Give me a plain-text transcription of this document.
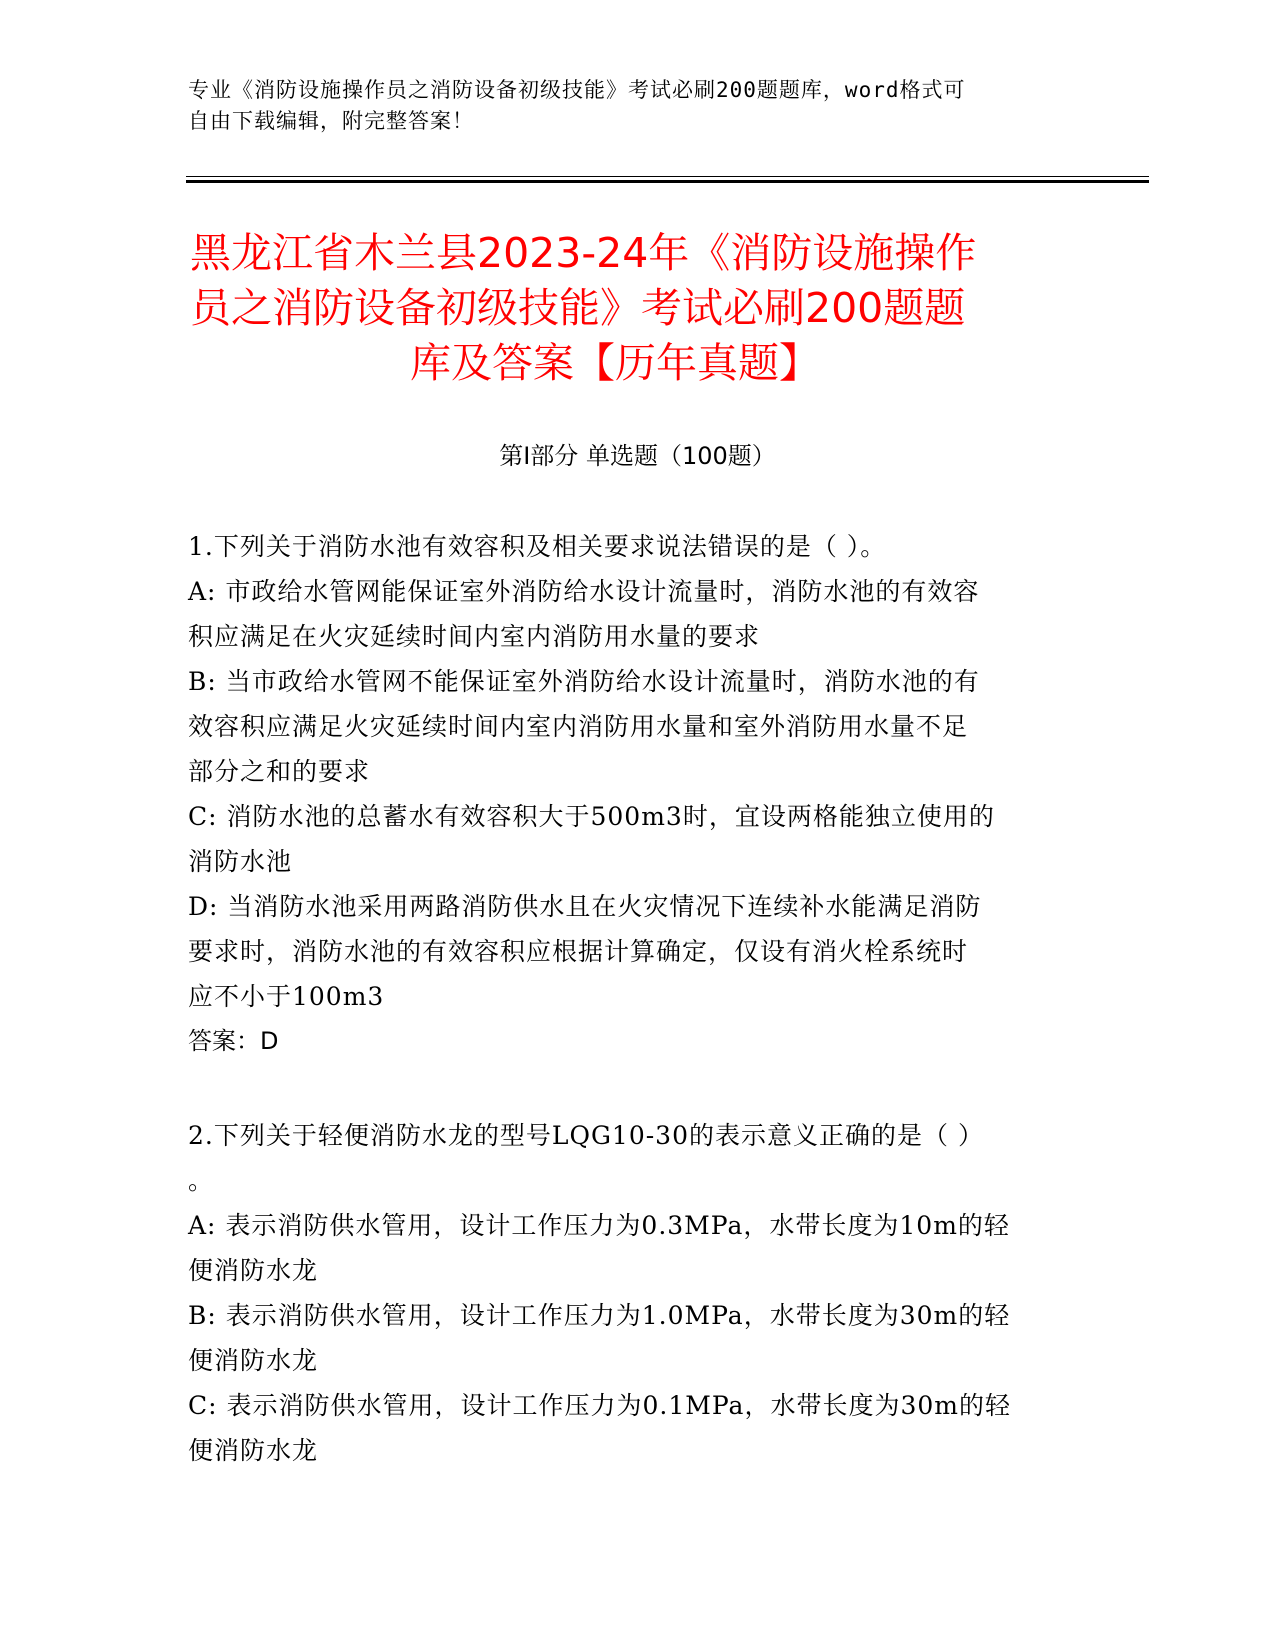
专业《消防设施操作员之消防设备初级技能》考试必刷200题题库，word格式可
自由下载编辑，附完整答案！
黑龙江省木兰县2023-24年《消防设施操作
员之消防设备初级技能》考试必刷200题题
库及答案【历年真题】
第Ⅰ部分 单选题（100题）
1.下列关于消防水池有效容积及相关要求说法错误的是（ ）。
A: 市政给水管网能保证室外消防给水设计流量时，消防水池的有效容
积应满足在火灾延续时间内室内消防用水量的要求
B: 当市政给水管网不能保证室外消防给水设计流量时，消防水池的有
效容积应满足火灾延续时间内室内消防用水量和室外消防用水量不足
部分之和的要求
C: 消防水池的总蓄水有效容积大于500m3时，宜设两格能独立使用的
消防水池
D: 当消防水池采用两路消防供水且在火灾情况下连续补水能满足消防
要求时，消防水池的有效容积应根据计算确定，仅设有消火栓系统时
应不小于100m3
答案：D
2.下列关于轻便消防水龙的型号LQG10-30的表示意义正确的是（ ）
。
A: 表示消防供水管用，设计工作压力为0.3MPa，水带长度为10m的轻
便消防水龙
B: 表示消防供水管用，设计工作压力为1.0MPa，水带长度为30m的轻
便消防水龙
C: 表示消防供水管用，设计工作压力为0.1MPa，水带长度为30m的轻
便消防水龙
